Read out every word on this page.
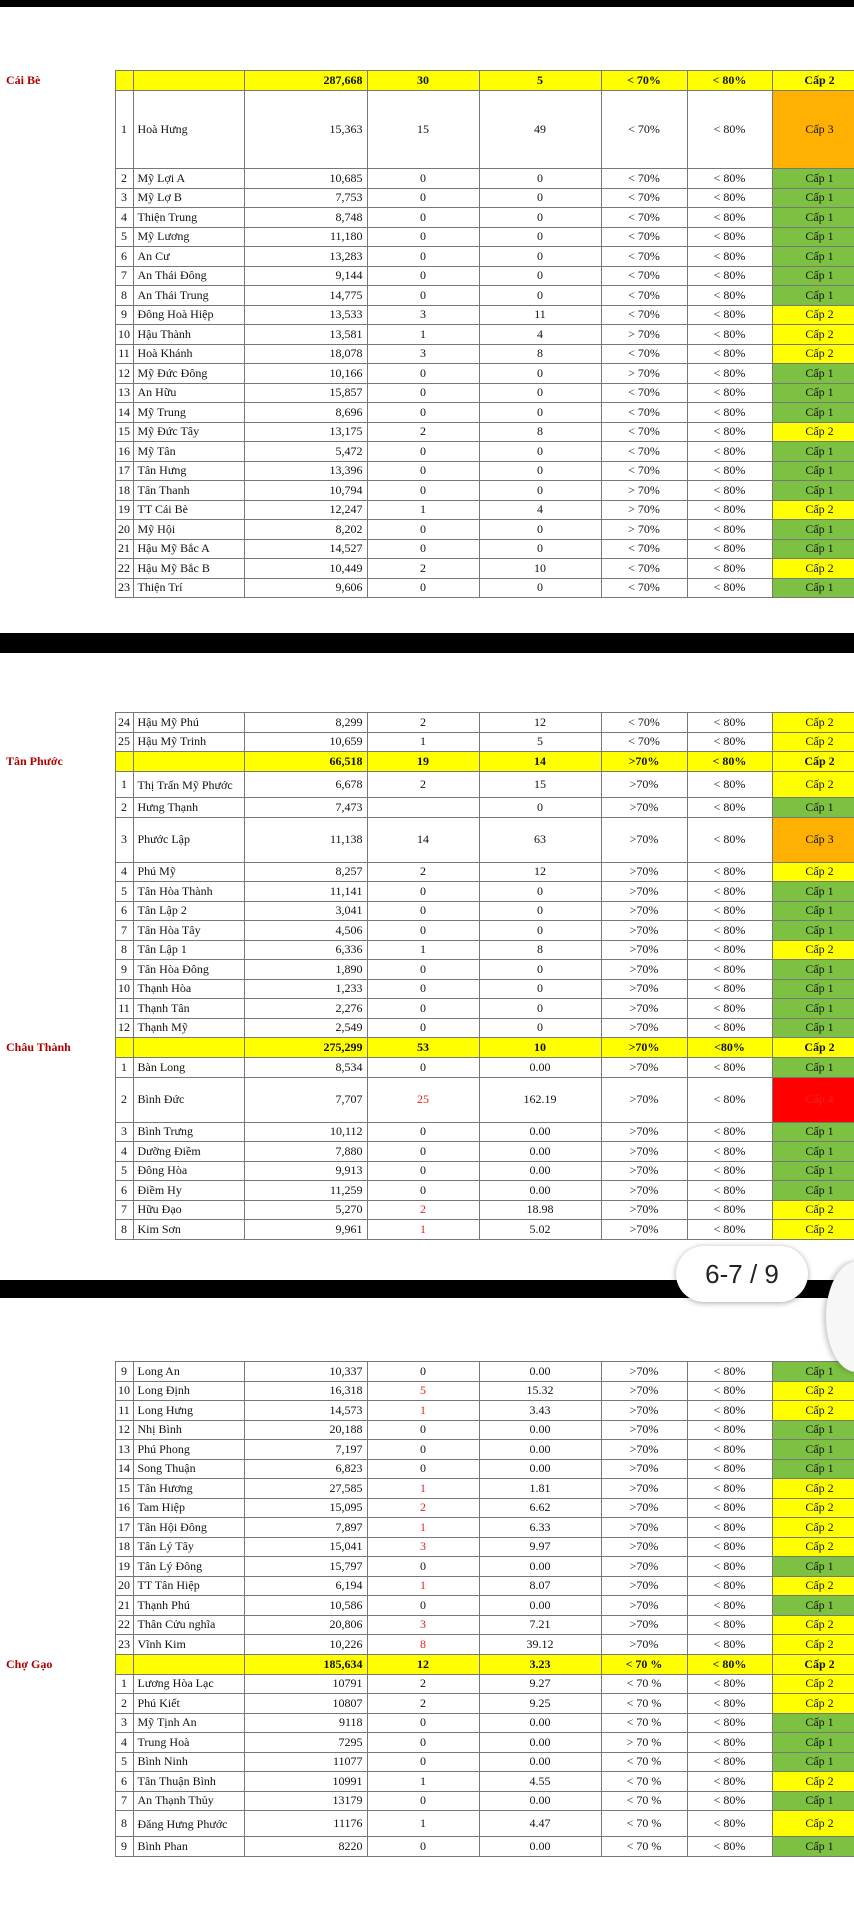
Cái Bè			287,668	30	5	< 70%	< 80%	Cấp 2	
	1	Hoà Hưng	15,363	15	49	< 70%	< 80%	Cấp 3	
	2	Mỹ Lợi A	10,685	0	0	< 70%	< 80%	Cấp 1	
	3	Mỹ Lợ B	7,753	0	0	< 70%	< 80%	Cấp 1	
	4	Thiện Trung	8,748	0	0	< 70%	< 80%	Cấp 1	
	5	Mỹ Lương	11,180	0	0	< 70%	< 80%	Cấp 1	
	6	An Cư	13,283	0	0	< 70%	< 80%	Cấp 1	
	7	An Thái Đông	9,144	0	0	< 70%	< 80%	Cấp 1	
	8	An Thái Trung	14,775	0	0	< 70%	< 80%	Cấp 1	
	9	Đông Hoà Hiệp	13,533	3	11	< 70%	< 80%	Cấp 2	
	10	Hậu Thành	13,581	1	4	> 70%	< 80%	Cấp 2	
	11	Hoà Khánh	18,078	3	8	< 70%	< 80%	Cấp 2	
	12	Mỹ Đức Đông	10,166	0	0	> 70%	< 80%	Cấp 1	
	13	An Hữu	15,857	0	0	< 70%	< 80%	Cấp 1	
	14	Mỹ Trung	8,696	0	0	< 70%	< 80%	Cấp 1	
	15	Mỹ Đức Tây	13,175	2	8	< 70%	< 80%	Cấp 2	
	16	Mỹ Tân	5,472	0	0	< 70%	< 80%	Cấp 1	
	17	Tân Hưng	13,396	0	0	< 70%	< 80%	Cấp 1	
	18	Tân Thanh	10,794	0	0	> 70%	< 80%	Cấp 1	
	19	TT Cái Bè	12,247	1	4	> 70%	< 80%	Cấp 2	
	20	Mỹ Hội	8,202	0	0	> 70%	< 80%	Cấp 1	
	21	Hậu Mỹ Bắc A	14,527	0	0	< 70%	< 80%	Cấp 1	
	22	Hậu Mỹ Bắc B	10,449	2	10	< 70%	< 80%	Cấp 2	
	23	Thiện Trí	9,606	0	0	< 70%	< 80%	Cấp 1	
	24	Hậu Mỹ Phú	8,299	2	12	< 70%	< 80%	Cấp 2	
	25	Hậu Mỹ Trinh	10,659	1	5	< 70%	< 80%	Cấp 2	
Tân Phước			66,518	19	14	>70%	< 80%	Cấp 2	
	1	Thị Trấn Mỹ Phước	6,678	2	15	>70%	< 80%	Cấp 2	
	2	Hưng Thạnh	7,473		0	>70%	< 80%	Cấp 1	
	3	Phước Lập	11,138	14	63	>70%	< 80%	Cấp 3	
	4	Phú Mỹ	8,257	2	12	>70%	< 80%	Cấp 2	
	5	Tân Hòa Thành	11,141	0	0	>70%	< 80%	Cấp 1	
	6	Tân Lập 2	3,041	0	0	>70%	< 80%	Cấp 1	
	7	Tân Hòa Tây	4,506	0	0	>70%	< 80%	Cấp 1	
	8	Tân Lập 1	6,336	1	8	>70%	< 80%	Cấp 2	
	9	Tân Hòa Đông	1,890	0	0	>70%	< 80%	Cấp 1	
	10	Thạnh Hòa	1,233	0	0	>70%	< 80%	Cấp 1	
	11	Thạnh Tân	2,276	0	0	>70%	< 80%	Cấp 1	
	12	Thạnh Mỹ	2,549	0	0	>70%	< 80%	Cấp 1	
Châu Thành			275,299	53	10	>70%	<80%	Cấp 2	
	1	Bàn Long	8,534	0	0.00	>70%	< 80%	Cấp 1	
	2	Bình Đức	7,707	25	162.19	>70%	< 80%	Cấp 4	
	3	Bình Trưng	10,112	0	0.00	>70%	< 80%	Cấp 1	
	4	Dưỡng Điềm	7,880	0	0.00	>70%	< 80%	Cấp 1	
	5	Đông Hòa	9,913	0	0.00	>70%	< 80%	Cấp 1	
	6	Điềm Hy	11,259	0	0.00	>70%	< 80%	Cấp 1	
	7	Hữu Đạo	5,270	2	18.98	>70%	< 80%	Cấp 2	
	8	Kim Sơn	9,961	1	5.02	>70%	< 80%	Cấp 2	
	9	Long An	10,337	0	0.00	>70%	< 80%	Cấp 1	
	10	Long Định	16,318	5	15.32	>70%	< 80%	Cấp 2	
	11	Long Hưng	14,573	1	3.43	>70%	< 80%	Cấp 2	
	12	Nhị Bình	20,188	0	0.00	>70%	< 80%	Cấp 1	
	13	Phú Phong	7,197	0	0.00	>70%	< 80%	Cấp 1	
	14	Song Thuận	6,823	0	0.00	>70%	< 80%	Cấp 1	
	15	Tân Hương	27,585	1	1.81	>70%	< 80%	Cấp 2	
	16	Tam Hiệp	15,095	2	6.62	>70%	< 80%	Cấp 2	
	17	Tân Hội Đông	7,897	1	6.33	>70%	< 80%	Cấp 2	
	18	Tân Lý Tây	15,041	3	9.97	>70%	< 80%	Cấp 2	
	19	Tân Lý Đông	15,797	0	0.00	>70%	< 80%	Cấp 1	
	20	TT Tân Hiệp	6,194	1	8.07	>70%	< 80%	Cấp 2	
	21	Thạnh Phú	10,586	0	0.00	>70%	< 80%	Cấp 1	
	22	Thân Cửu nghĩa	20,806	3	7.21	>70%	< 80%	Cấp 2	
	23	Vĩnh Kim	10,226	8	39.12	>70%	< 80%	Cấp 2	
Chợ Gạo			185,634	12	3.23	< 70 %	< 80%	Cấp 2	
	1	Lương Hòa Lạc	10791	2	9.27	< 70 %	< 80%	Cấp 2	
	2	Phú Kiết	10807	2	9.25	< 70 %	< 80%	Cấp 2	
	3	Mỹ Tịnh An	9118	0	0.00	< 70 %	< 80%	Cấp 1	
	4	Trung Hoà	7295	0	0.00	> 70 %	< 80%	Cấp 1	
	5	Bình Ninh	11077	0	0.00	< 70 %	< 80%	Cấp 1	
	6	Tân Thuận Bình	10991	1	4.55	< 70 %	< 80%	Cấp 2	
	7	An Thạnh Thủy	13179	0	0.00	< 70 %	< 80%	Cấp 1	
	8	Đăng Hưng Phước	11176	1	4.47	< 70 %	< 80%	Cấp 2	
	9	Bình Phan	8220	0	0.00	< 70 %	< 80%	Cấp 1	
6-7 / 9
